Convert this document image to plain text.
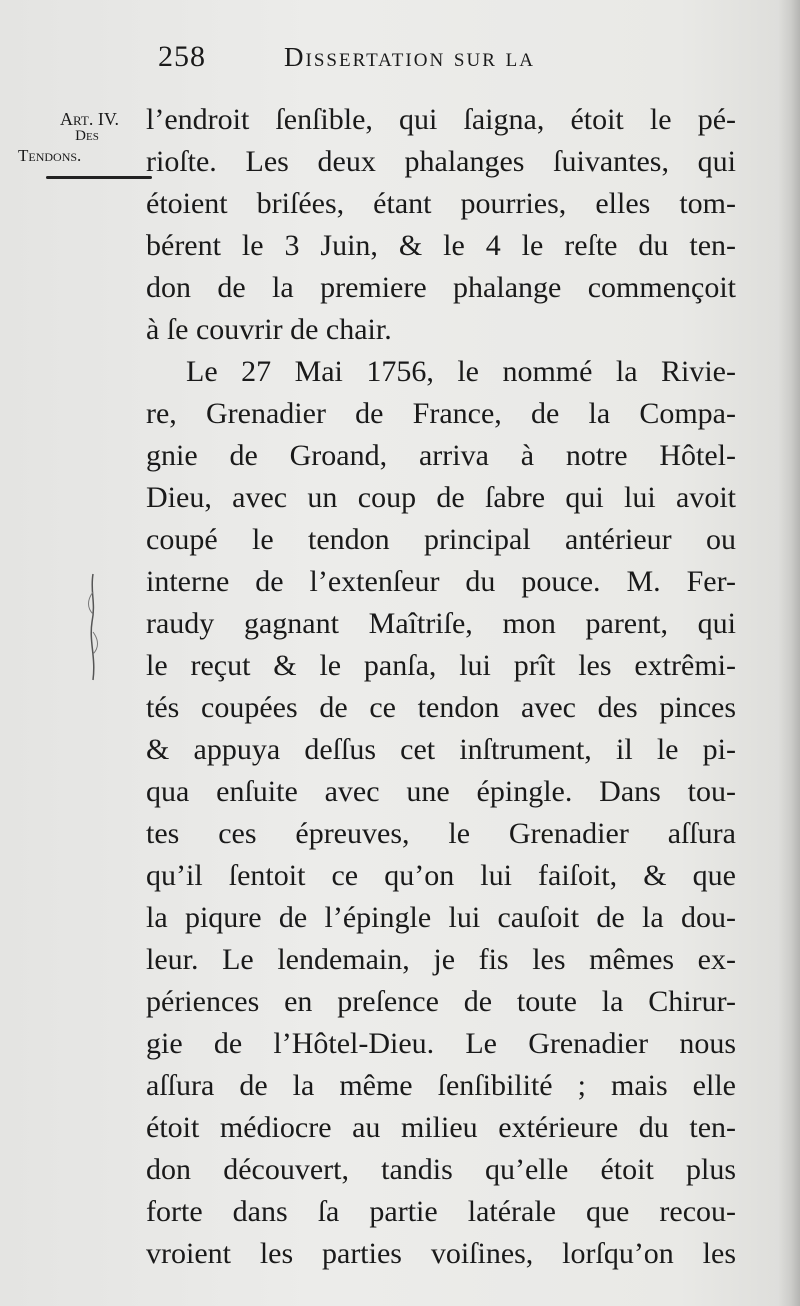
258	Dissertation sur la
Art. IV.
Des
Tendons.
l’endroit ſenſible, qui ſaigna, étoit le pé-
rioſte. Les deux phalanges ſuivantes, qui
étoient briſées, étant pourries, elles tom-
bérent le 3 Juin, & le 4 le reſte du ten-
don de la premiere phalange commençoit
à ſe couvrir de chair.
Le 27 Mai 1756, le nommé la Rivie-
re, Grenadier de France, de la Compa-
gnie de Groand, arriva à notre Hôtel-
Dieu, avec un coup de ſabre qui lui avoit
coupé le tendon principal antérieur ou
interne de l’extenſeur du pouce. M. Fer-
raudy gagnant Maîtriſe, mon parent, qui
le reçut & le panſa, lui prît les extrêmi-
tés coupées de ce tendon avec des pinces
& appuya deſſus cet inſtrument, il le pi-
qua enſuite avec une épingle. Dans tou-
tes ces épreuves, le Grenadier aſſura
qu’il ſentoit ce qu’on lui faiſoit, & que
la piqure de l’épingle lui cauſoit de la dou-
leur. Le lendemain, je fis les mêmes ex-
périences en preſence de toute la Chirur-
gie de l’Hôtel-Dieu. Le Grenadier nous
aſſura de la même ſenſibilité ; mais elle
étoit médiocre au milieu extérieure du ten-
don découvert, tandis qu’elle étoit plus
forte dans ſa partie latérale que recou-
vroient les parties voiſines, lorſqu’on les
